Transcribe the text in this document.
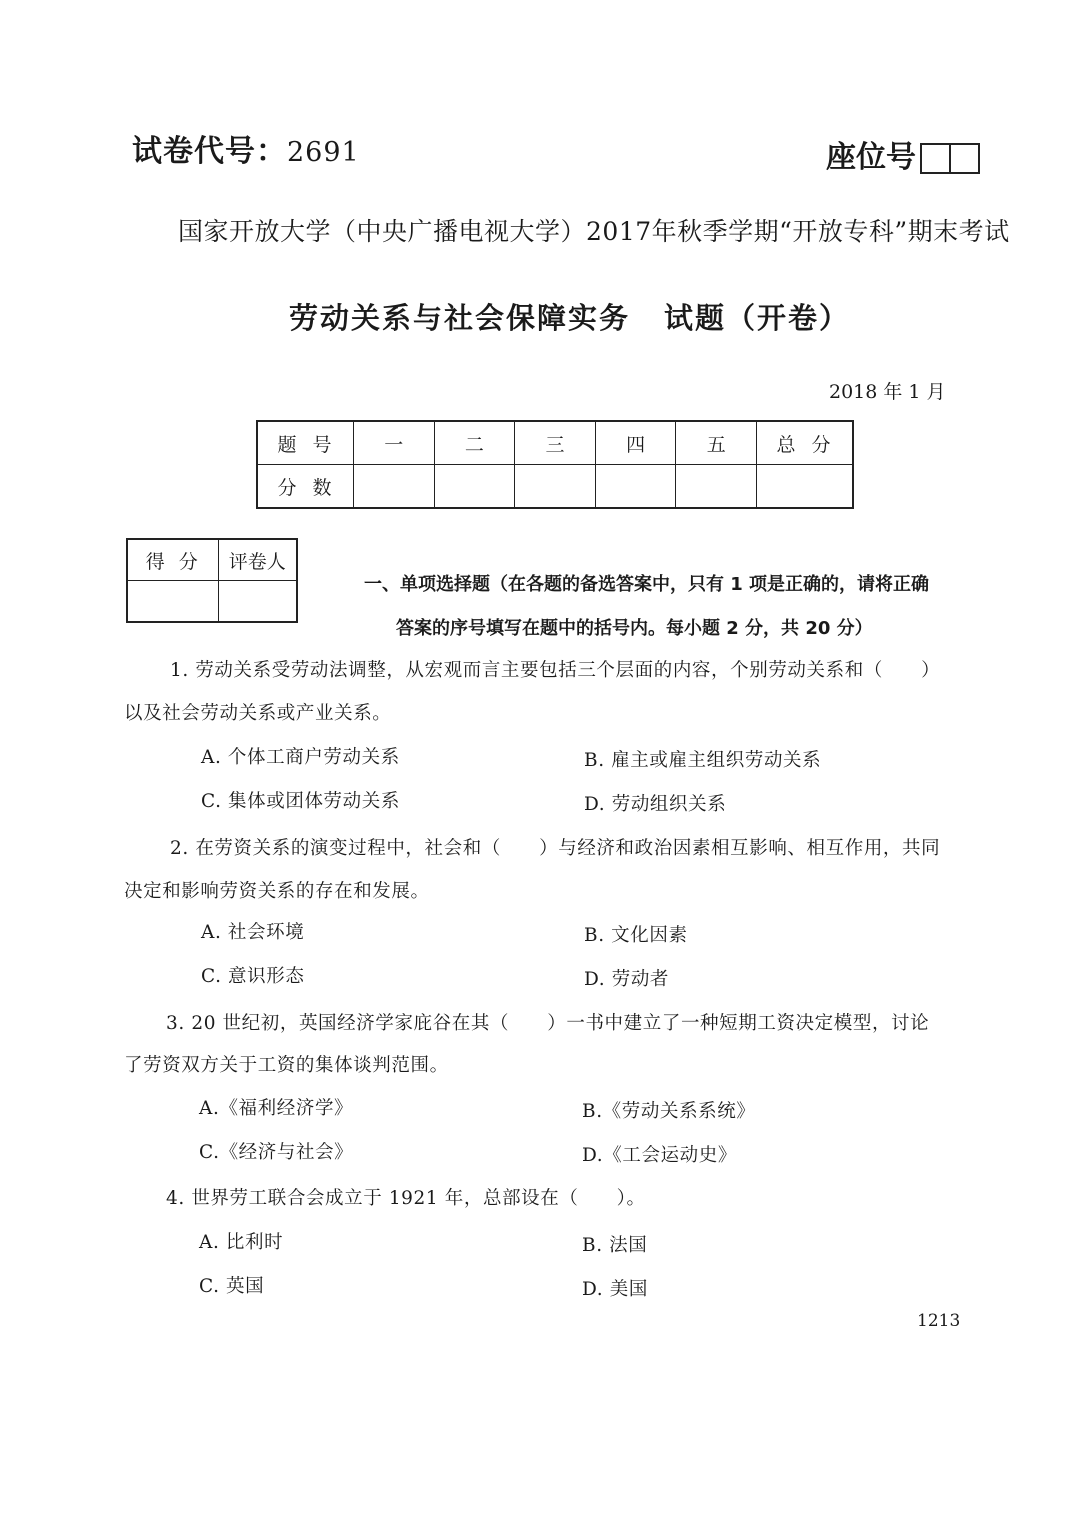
试卷代号：2691	座位号
国家开放大学（中央广播电视大学）2017年秋季学期“开放专科”期末考试
劳动关系与社会保障实务 试题（开卷）
2018 年 1 月
题号	一	二	三	四	五	总分
分数						
得分	评卷人

一、单项选择题（在各题的备选答案中，只有 1 项是正确的，请将正确
答案的序号填写在题中的括号内。每小题 2 分，共 20 分）
1. 劳动关系受劳动法调整，从宏观而言主要包括三个层面的内容，个别劳动关系和（　　）
以及社会劳动关系或产业关系。
A. 个体工商户劳动关系	B. 雇主或雇主组织劳动关系
C. 集体或团体劳动关系	D. 劳动组织关系
2. 在劳资关系的演变过程中，社会和（　　）与经济和政治因素相互影响、相互作用，共同
决定和影响劳资关系的存在和发展。
A. 社会环境	B. 文化因素
C. 意识形态	D. 劳动者
3. 20 世纪初，英国经济学家庇谷在其（　　）一书中建立了一种短期工资决定模型，讨论
了劳资双方关于工资的集体谈判范围。
A.《福利经济学》	B.《劳动关系系统》
C.《经济与社会》	D.《工会运动史》
4. 世界劳工联合会成立于 1921 年，总部设在（　　）。
A. 比利时	B. 法国
C. 英国	D. 美国
1213
